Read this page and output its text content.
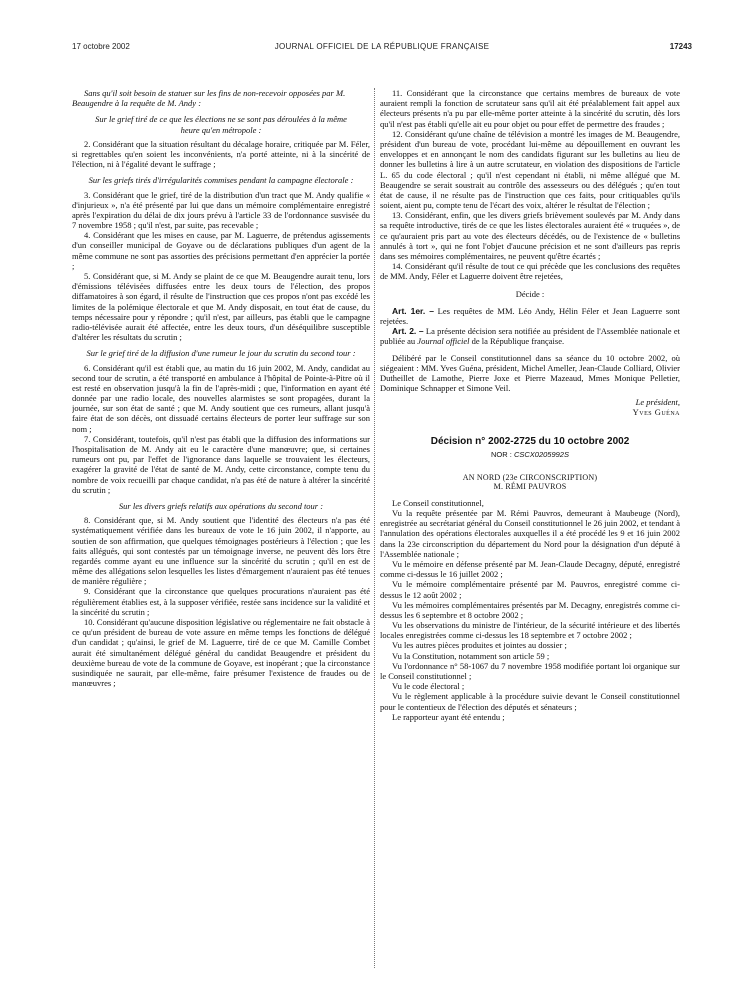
17 octobre 2002	JOURNAL OFFICIEL DE LA RÉPUBLIQUE FRANÇAISE	17243

Sans qu'il soit besoin de statuer sur les fins de non-recevoir opposées par M. Beaugendre à la requête de M. Andy :

Sur le grief tiré de ce que les élections ne se sont pas déroulées à la même heure qu'en métropole :

2. Considérant que la situation résultant du décalage horaire, critiquée par M. Féler, si regrettables qu'en soient les inconvénients, n'a porté atteinte, ni à la sincérité de l'élection, ni à l'égalité devant le suffrage ;

Sur les griefs tirés d'irrégularités commises pendant la campagne électorale :

3. Considérant que le grief, tiré de la distribution d'un tract que M. Andy qualifie « d'injurieux », n'a été présenté par lui que dans un mémoire complémentaire enregistré après l'expiration du délai de dix jours prévu à l'article 33 de l'ordonnance susvisée du 7 novembre 1958 ; qu'il n'est, par suite, pas recevable ;

4. Considérant que les mises en cause, par M. Laguerre, de prétendus agissements d'un conseiller municipal de Goyave ou de déclarations publiques d'un agent de la même commune ne sont pas assorties des précisions permettant d'en apprécier la portée ;

5. Considérant que, si M. Andy se plaint de ce que M. Beaugendre aurait tenu, lors d'émissions télévisées diffusées entre les deux tours de l'élection, des propos diffamatoires à son égard, il résulte de l'instruction que ces propos n'ont pas excédé les limites de la polémique électorale et que M. Andy disposait, en tout état de cause, du temps nécessaire pour y répondre ; qu'il n'est, par ailleurs, pas établi que le campagne radio-télévisée aurait été affectée, entre les deux tours, d'un déséquilibre susceptible d'altérer les résultats du scrutin ;

Sur le grief tiré de la diffusion d'une rumeur le jour du scrutin du second tour :

6. Considérant qu'il est établi que, au matin du 16 juin 2002, M. Andy, candidat au second tour de scrutin, a été transporté en ambulance à l'hôpital de Pointe-à-Pitre où il est resté en observation jusqu'à la fin de l'après-midi ; que, l'information en ayant été donnée par une radio locale, des nouvelles alarmistes se sont propagées, durant la journée, sur son état de santé ; que M. Andy soutient que ces rumeurs, allant jusqu'à faire état de son décès, ont dissuadé certains électeurs de porter leur suffrage sur son nom ;

7. Considérant, toutefois, qu'il n'est pas établi que la diffusion des informations sur l'hospitalisation de M. Andy ait eu le caractère d'une manœuvre; que, si certaines rumeurs ont pu, par l'effet de l'ignorance dans laquelle se trouvaient les électeurs, exagérer la gravité de l'état de santé de M. Andy, cette circonstance, compte tenu du nombre de voix recueilli par chaque candidat, n'a pas été de nature à altérer la sincérité du scrutin ;

Sur les divers griefs relatifs aux opérations du second tour :

8. Considérant que, si M. Andy soutient que l'identité des électeurs n'a pas été systématiquement vérifiée dans les bureaux de vote le 16 juin 2002, il n'apporte, au soutien de son affirmation, que quelques témoignages postérieurs à l'élection ; que les faits allégués, qui sont contestés par un témoignage inverse, ne peuvent dès lors être regardés comme ayant eu une influence sur la sincérité du scrutin ; qu'il en est de même des allégations selon lesquelles les listes d'émargement n'auraient pas été tenues de manière régulière ;

9. Considérant que la circonstance que quelques procurations n'auraient pas été régulièrement établies est, à la supposer vérifiée, restée sans incidence sur la validité et la sincérité du scrutin ;

10. Considérant qu'aucune disposition législative ou réglementaire ne fait obstacle à ce qu'un président de bureau de vote assure en même temps les fonctions de délégué d'un candidat ; qu'ainsi, le grief de M. Laguerre, tiré de ce que M. Camille Combet aurait été simultanément délégué général du candidat Beaugendre et président du deuxième bureau de vote de la commune de Goyave, est inopérant ; que la circonstance susindiquée ne saurait, par elle-même, faire présumer l'existence de fraudes ou de manœuvres ;

11. Considérant que la circonstance que certains membres de bureaux de vote auraient rempli la fonction de scrutateur sans qu'il ait été préalablement fait appel aux électeurs présents n'a pu par elle-même porter atteinte à la sincérité du scrutin, dès lors qu'il n'est pas établi qu'elle ait eu pour objet ou pour effet de permettre des fraudes ;

12. Considérant qu'une chaîne de télévision a montré les images de M. Beaugendre, président d'un bureau de vote, procédant lui-même au dépouillement en ouvrant les enveloppes et en annonçant le nom des candidats figurant sur les bulletins au lieu de donner les bulletins à lire à un autre scrutateur, en violation des dispositions de l'article L. 65 du code électoral ; qu'il n'est cependant ni établi, ni même allégué que M. Beaugendre se serait soustrait au contrôle des assesseurs ou des délégués ; qu'en tout état de cause, il ne résulte pas de l'instruction que ces faits, pour critiquables qu'ils soient, aient pu, compte tenu de l'écart des voix, altérer le résultat de l'élection ;

13. Considérant, enfin, que les divers griefs brièvement soulevés par M. Andy dans sa requête introductive, tirés de ce que les listes électorales auraient été « truquées », de ce qu'auraient pris part au vote des électeurs décédés, ou de l'existence de « bulletins annulés à tort », qui ne font l'objet d'aucune précision et ne sont d'ailleurs pas repris dans ses mémoires complémentaires, ne peuvent qu'être écartés ;

14. Considérant qu'il résulte de tout ce qui précède que les conclusions des requêtes de MM. Andy, Féler et Laguerre doivent être rejetées,

Décide :

Art. 1er. – Les requêtes de MM. Léo Andy, Hélin Féler et Jean Laguerre sont rejetées.

Art. 2. – La présente décision sera notifiée au président de l'Assemblée nationale et publiée au Journal officiel de la République française.

Délibéré par le Conseil constitutionnel dans sa séance du 10 octobre 2002, où siégeaient : MM. Yves Guéna, président, Michel Ameller, Jean-Claude Colliard, Olivier Dutheillet de Lamothe, Pierre Joxe et Pierre Mazeaud, Mmes Monique Pelletier, Dominique Schnapper et Simone Veil.

Le président,
Yves Guéna

Décision n° 2002-2725 du 10 octobre 2002

NOR : CSCX0205992S

AN NORD (23e CIRCONSCRIPTION)

M. RÉMI PAUVROS

Le Conseil constitutionnel,

Vu la requête présentée par M. Rémi Pauvros, demeurant à Maubeuge (Nord), enregistrée au secrétariat général du Conseil constitutionnel le 26 juin 2002, et tendant à l'annulation des opérations électorales auxquelles il a été procédé les 9 et 16 juin 2002 dans la 23e circonscription du département du Nord pour la désignation d'un député à l'Assemblée nationale ;

Vu le mémoire en défense présenté par M. Jean-Claude Decagny, député, enregistré comme ci-dessus le 16 juillet 2002 ;

Vu le mémoire complémentaire présenté par M. Pauvros, enregistré comme ci-dessus le 12 août 2002 ;

Vu les mémoires complémentaires présentés par M. Decagny, enregistrés comme ci-dessus les 6 septembre et 8 octobre 2002 ;

Vu les observations du ministre de l'intérieur, de la sécurité intérieure et des libertés locales enregistrées comme ci-dessus les 18 septembre et 7 octobre 2002 ;

Vu les autres pièces produites et jointes au dossier ;

Vu la Constitution, notamment son article 59 ;

Vu l'ordonnance n° 58-1067 du 7 novembre 1958 modifiée portant loi organique sur le Conseil constitutionnel ;

Vu le code électoral ;

Vu le règlement applicable à la procédure suivie devant le Conseil constitutionnel pour le contentieux de l'élection des députés et sénateurs ;

Le rapporteur ayant été entendu ;
